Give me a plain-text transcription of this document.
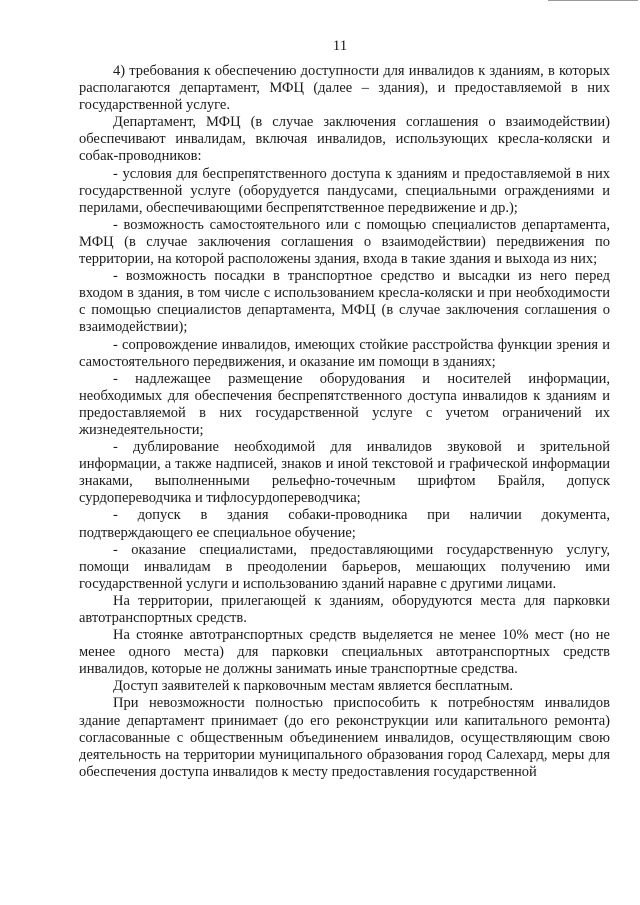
11

4) требования к обеспечению доступности для инвалидов к зданиям, в которых располагаются департамент, МФЦ (далее – здания), и предоставляемой в них государственной услуге.

Департамент, МФЦ (в случае заключения соглашения о взаимодействии) обеспечивают инвалидам, включая инвалидов, использующих кресла-коляски и собак-проводников:

- условия для беспрепятственного доступа к зданиям и предоставляемой в них государственной услуге (оборудуется пандусами, специальными ограждениями и перилами, обеспечивающими беспрепятственное передвижение и др.);

- возможность самостоятельного или с помощью специалистов департамента, МФЦ (в случае заключения соглашения о взаимодействии) передвижения по территории, на которой расположены здания, входа в такие здания и выхода из них;

- возможность посадки в транспортное средство и высадки из него перед входом в здания, в том числе с использованием кресла-коляски и при необходимости с помощью специалистов департамента, МФЦ (в случае заключения соглашения о взаимодействии);

- сопровождение инвалидов, имеющих стойкие расстройства функции зрения и самостоятельного передвижения, и оказание им помощи в зданиях;

- надлежащее размещение оборудования и носителей информации, необходимых для обеспечения беспрепятственного доступа инвалидов к зданиям и предоставляемой в них государственной услуге с учетом ограничений их жизнедеятельности;

- дублирование необходимой для инвалидов звуковой и зрительной информации, а также надписей, знаков и иной текстовой и графической информации знаками, выполненными рельефно-точечным шрифтом Брайля, допуск сурдопереводчика и тифлосурдопереводчика;

- допуск в здания собаки-проводника при наличии документа, подтверждающего ее специальное обучение;

- оказание специалистами, предоставляющими государственную услугу, помощи инвалидам в преодолении барьеров, мешающих получению ими государственной услуги и использованию зданий наравне с другими лицами.

На территории, прилегающей к зданиям, оборудуются места для парковки автотранспортных средств.

На стоянке автотранспортных средств выделяется не менее 10% мест (но не менее одного места) для парковки специальных автотранспортных средств инвалидов, которые не должны занимать иные транспортные средства.

Доступ заявителей к парковочным местам является бесплатным.

При невозможности полностью приспособить к потребностям инвалидов здание департамент принимает (до его реконструкции или капитального ремонта) согласованные с общественным объединением инвалидов, осуществляющим свою деятельность на территории муниципального образования город Салехард, меры для обеспечения доступа инвалидов к месту предоставления государственной
